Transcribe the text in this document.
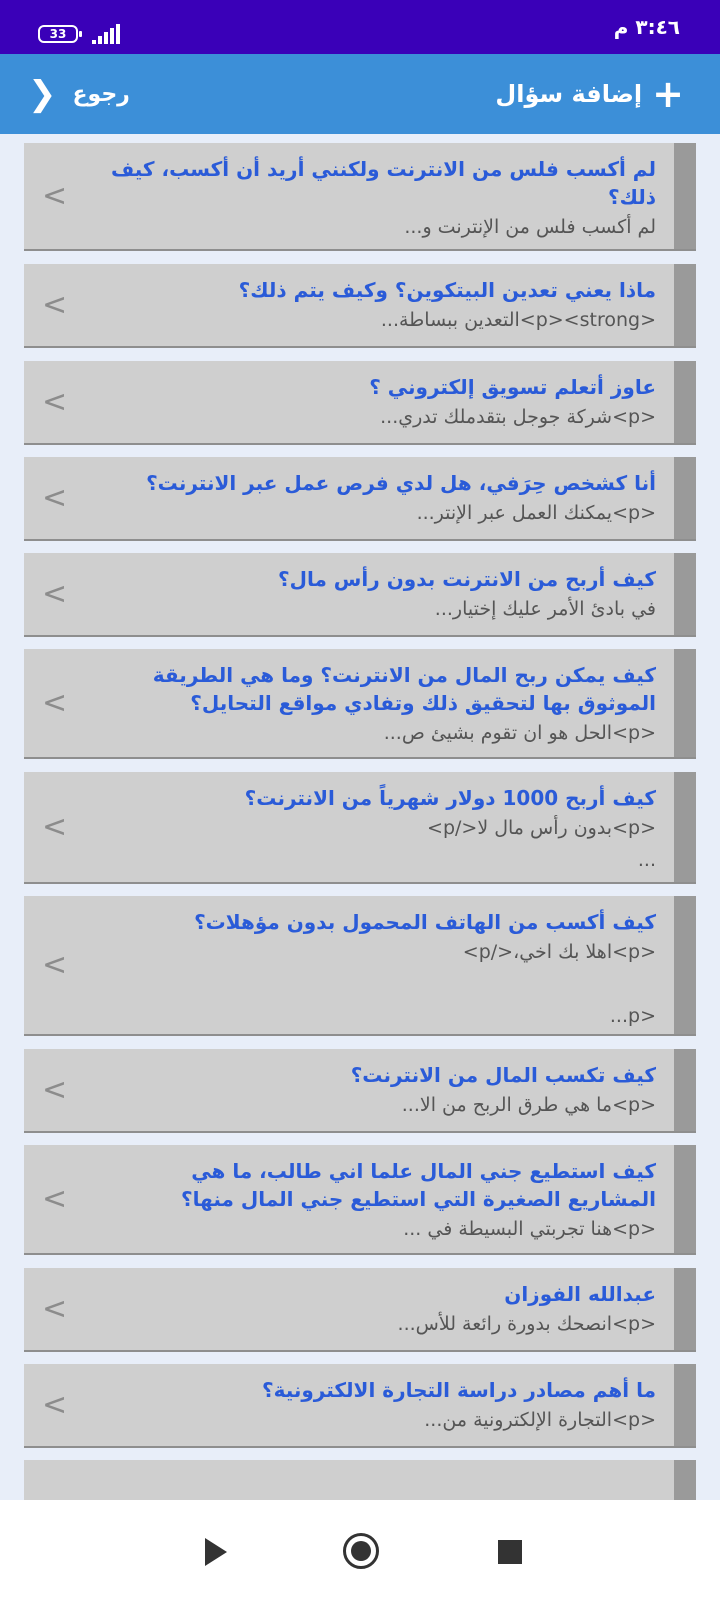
33	٣:٤٦ م
+
إضافة سؤال
❯ رجوع
<
لم أكسب فلس من الانترنت ولكنني أريد أن أكسب، كيف ذلك؟
لم أكسب فلس من الإنترنت و...
<	ماذا يعني تعدين البيتكوين؟ وكيف يتم ذلك؟
<p><strong>التعدين ببساطة...
<	عاوز أتعلم تسويق إلكتروني ؟
<p>شركة جوجل بتقدملك تدري...
<	أنا كشخص حِرَفي، هل لدي فرص عمل عبر الانترنت؟
<p>يمكنك العمل عبر الإنتر...
<	كيف أربح من الانترنت بدون رأس مال؟
في بادئ الأمر عليك إختيار...
<
كيف يمكن ربح المال من الانترنت؟ وما هي الطريقة الموثوق بها لتحقيق ذلك وتفادي مواقع التحايل؟
<p>الحل هو ان تقوم بشيئ ص...
<
كيف أربح 1000 دولار شهرياً من الانترنت؟
<p>بدون رأس مال لا</p>
...
<
كيف أكسب من الهاتف المحمول بدون مؤهلات؟
<p>اهلا بك اخي،</p>

<p...
<	كيف تكسب المال من الانترنت؟
<p>ما هي طرق الربح من الا...
<
كيف استطيع جني المال علما اني طالب، ما هي المشاريع الصغيرة التي استطيع جني المال منها؟
<p>هنا تجربتي البسيطة في ...
<	عبدالله الفوزان
<p>انصحك بدورة رائعة للأس...
<	ما أهم مصادر دراسة التجارة الالكترونية؟
<p>التجارة الإلكترونية من...
